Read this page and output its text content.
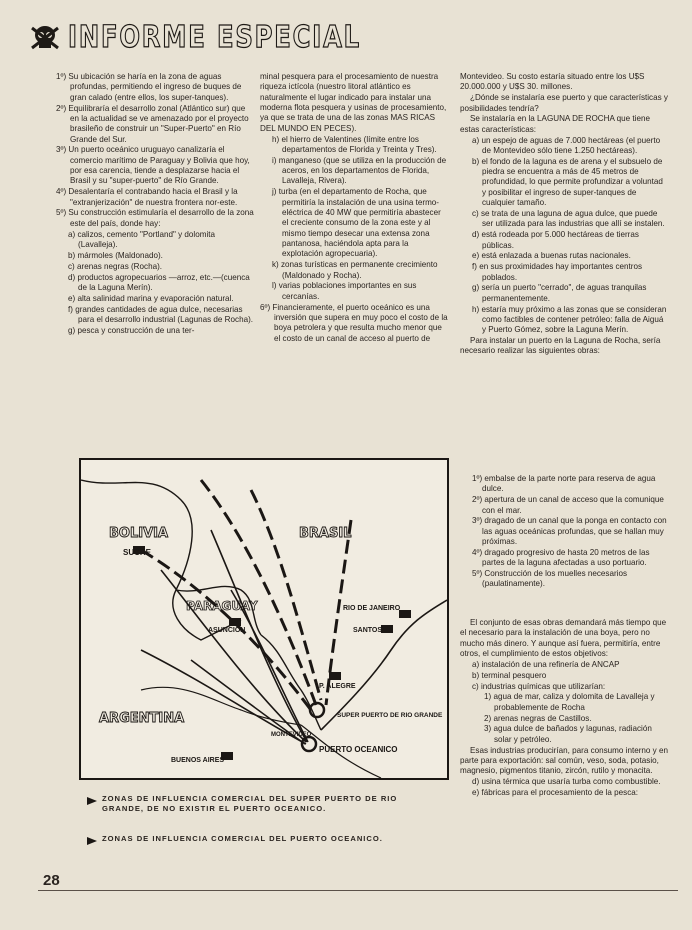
INFORME ESPECIAL

1º) Su ubicación se haría en la zona de aguas profundas, permitiendo el ingreso de buques de gran calado (entre ellos, los super-tanques).

2º) Equilibraría el desarrollo zonal (Atlántico sur) que en la actualidad se ve amenazado por el proyecto brasileño de construir un "Super-Puerto" en Río Grande del Sur.

3º) Un puerto oceánico uruguayo canalizaría el comercio marítimo de Paraguay y Bolivia que hoy, por esa carencia, tiende a desplazarse hacia el Brasil y su "super-puerto" de Río Grande.

4º) Desalentaría el contrabando hacia el Brasil y la "extranjerización" de nuestra frontera nor-este.

5º) Su construcción estimularía el desarrollo de la zona este del país, donde hay:

a) calizos, cemento "Portland" y dolomita (Lavalleja).

b) mármoles (Maldonado).

c) arenas negras (Rocha).

d) productos agropecuarios —arroz, etc.—(cuenca de la Laguna Merín).

e) alta salinidad marina y evaporación natural.

f) grandes cantidades de agua dulce, necesarias para el desarrollo industrial (Lagunas de Rocha).

g) pesca y construcción de una ter-

minal pesquera para el procesamiento de nuestra riqueza ictícola (nuestro litoral atlántico es naturalmente el lugar indicado para instalar una moderna flota pesquera y usinas de procesamiento, ya que se trata de una de las zonas MAS RICAS DEL MUNDO EN PECES).

h) el hierro de Valentines (límite entre los departamentos de Florida y Treinta y Tres).

i) manganeso (que se utiliza en la producción de aceros, en los departamentos de Florida, Lavalleja, Rivera).

j) turba (en el departamento de Rocha, que permitiría la instalación de una usina termo-eléctrica de 40 MW que permitiría abastecer el creciente consumo de la zona este y al mismo tiempo desecar una extensa zona pantanosa, haciéndola apta para la explotación agropecuaria).

k) zonas turísticas en permanente crecimiento (Maldonado y Rocha).

l) varias poblaciones importantes en sus cercanías.

6º) Financieramente, el puerto oceánico es una inversión que supera en muy poco el costo de la boya petrolera y que resulta mucho menor que el costo de un canal de acceso al puerto de

Montevideo. Su costo estaría situado entre los U$S 20.000.000 y U$S 30. millones.

¿Dónde se instalaría ese puerto y que características y posibilidades tendría?

Se instalaría en la LAGUNA DE ROCHA que tiene estas características:

a) un espejo de aguas de 7.000 hectáreas (el puerto de Montevideo sólo tiene 1.250 hectáreas).

b) el fondo de la laguna es de arena y el subsuelo de piedra se encuentra a más de 45 metros de profundidad, lo que permite profundizar a voluntad y posibilitar el ingreso de super-tanques de cualquier tamaño.

c) se trata de una laguna de agua dulce, que puede ser utilizada para las industrias que allí se instalen.

d) está rodeada por 5.000 hectáreas de tierras públicas.

e) está enlazada a buenas rutas nacionales.

f) en sus proximidades hay importantes centros poblados.

g) sería un puerto "cerrado", de aguas tranquilas permanentemente.

h) estaría muy próximo a las zonas que se consideran como factibles de contener petróleo: falla de Aiguá y Puerto Gómez, sobre la Laguna Merín.

Para instalar un puerto en la Laguna de Rocha, sería necesario realizar las siguientes obras:

1º) embalse de la parte norte para reserva de agua dulce.

2º) apertura de un canal de acceso que la comunique con el mar.

3º) dragado de un canal que la ponga en contacto con las aguas oceánicas profundas, que se hallan muy próximas.

4º) dragado progresivo de hasta 20 metros de las partes de la laguna afectadas a uso portuario.

5º) Construcción de los muelles necesarios (paulatinamente).

El conjunto de esas obras demandará más tiempo que el necesario para la instalación de una boya, pero no mucho más dinero. Y aunque así fuera, permitiría, entre otros, el cumplimiento de estos objetivos:

a) instalación de una refinería de ANCAP

b) terminal pesquero

c) industrias químicas que utilizarían:

1) agua de mar, caliza y dolomita de Lavalleja y probablemente de Rocha

2) arenas negras de Castillos.

3) agua dulce de bañados y lagunas, radiación solar y petróleo.

Esas industrias producirían, para consumo interno y en parte para exportación: sal común, veso, soda, potasio, magnesio, pigmentos titanio, zircón, rutilo y monacita.

d) usina térmica que usaría turba como combustible.

e) fábricas para el procesamiento de la pesca:

BOLIVIA	BRASIL
SUCRE
PARAGUAY
ASUNCION
RIO DE JANEIRO
SANTOS
P. ALEGRE
ARGENTINA	SUPER PUERTO DE RIO GRANDE
MONTEVIDEO
PUERTO OCEANICO
BUENOS AIRES
ZONAS DE INFLUENCIA COMERCIAL DEL SUPER PUERTO DE RIO GRANDE, DE NO EXISTIR EL PUERTO OCEANICO.
ZONAS DE INFLUENCIA COMERCIAL DEL PUERTO OCEANICO.
28
